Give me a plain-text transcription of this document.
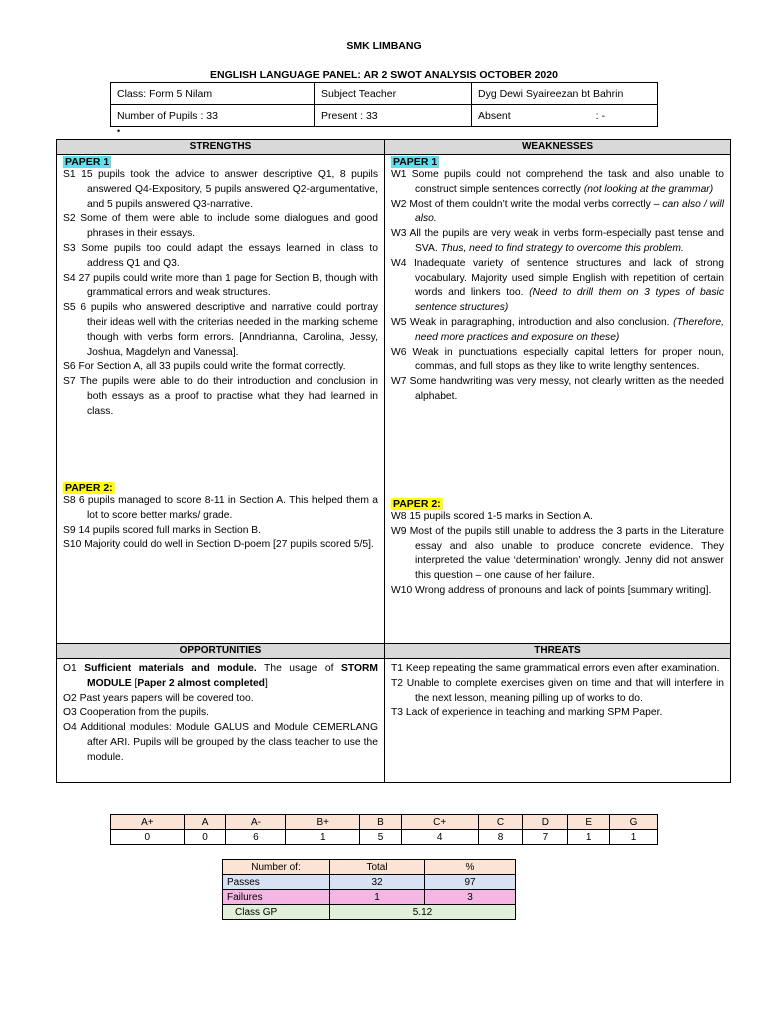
SMK LIMBANG
ENGLISH LANGUAGE PANEL: AR 2 SWOT ANALYSIS OCTOBER 2020
Class: Form 5 Nilam	Subject Teacher	Dyg Dewi Syaireezan bt Bahrin
Number of Pupils : 33	Present : 33	Absent : -
•
STRENGTHS	WEAKNESSES
PAPER 1

S1 15 pupils took the advice to answer descriptive Q1, 8 pupils answered Q4-Expository, 5 pupils answered Q2-argumentative, and 5 pupils answered Q3-narrative.

S2 Some of them were able to include some dialogues and good phrases in their essays.

S3 Some pupils too could adapt the essays learned in class to address Q1 and Q3.

S4 27 pupils could write more than 1 page for Section B, though with grammatical errors and weak structures.

S5 6 pupils who answered descriptive and narrative could portray their ideas well with the criterias needed in the marking scheme though with verbs form errors. [Anndrianna, Carolina, Jessy, Joshua, Magdelyn and Vanessa].

S6 For Section A, all 33 pupils could write the format correctly.

S7 The pupils were able to do their introduction and conclusion in both essays as a proof to practise what they had learned in class.

PAPER 2:

S8 6 pupils managed to score 8-11 in Section A. This helped them a lot to score better marks/ grade.

S9 14 pupils scored full marks in Section B.

S10 Majority could do well in Section D-poem [27 pupils scored 5/5].

PAPER 1

W1 Some pupils could not comprehend the task and also unable to construct simple sentences correctly (not looking at the grammar)

W2 Most of them couldn’t write the modal verbs correctly – can also / will also.

W3 All the pupils are very weak in verbs form-especially past tense and SVA. Thus, need to find strategy to overcome this problem.

W4 Inadequate variety of sentence structures and lack of strong vocabulary. Majority used simple English with repetition of certain words and linkers too. (Need to drill them on 3 types of basic sentence structures)

W5 Weak in paragraphing, introduction and also conclusion. (Therefore, need more practices and exposure on these)

W6 Weak in punctuations especially capital letters for proper noun, commas, and full stops as they like to write lengthy sentences.

W7 Some handwriting was very messy, not clearly written as the needed alphabet.

PAPER 2:

W8 15 pupils scored 1-5 marks in Section A.

W9 Most of the pupils still unable to address the 3 parts in the Literature essay and also unable to produce concrete evidence. They interpreted the value ‘determination’ wrongly. Jenny did not answer this question – one cause of her failure.

W10 Wrong address of pronouns and lack of points [summary writing].

OPPORTUNITIES	THREATS

O1 Sufficient materials and module. The usage of STORM MODULE [Paper 2 almost completed]

O2 Past years papers will be covered too.

O3 Cooperation from the pupils.

O4 Additional modules: Module GALUS and Module CEMERLANG after ARI. Pupils will be grouped by the class teacher to use the module.

T1 Keep repeating the same grammatical errors even after examination.

T2 Unable to complete exercises given on time and that will interfere in the next lesson, meaning pilling up of works to do.

T3 Lack of experience in teaching and marking SPM Paper.

A+	A	A-	B+	B	C+	C	D	E	G
0	0	6	1	5	4	8	7	1	1
Number of:	Total	%
Passes	32	97
Failures	1	3
Class GP	5.12	
